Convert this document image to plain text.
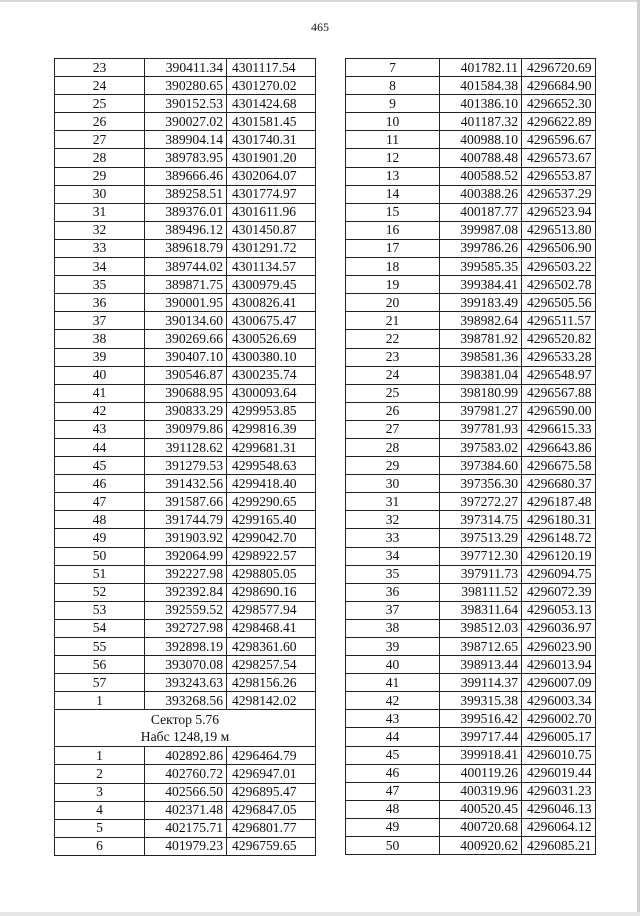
465
23	390411.34	4301117.54
24	390280.65	4301270.02
25	390152.53	4301424.68
26	390027.02	4301581.45
27	389904.14	4301740.31
28	389783.95	4301901.20
29	389666.46	4302064.07
30	389258.51	4301774.97
31	389376.01	4301611.96
32	389496.12	4301450.87
33	389618.79	4301291.72
34	389744.02	4301134.57
35	389871.75	4300979.45
36	390001.95	4300826.41
37	390134.60	4300675.47
38	390269.66	4300526.69
39	390407.10	4300380.10
40	390546.87	4300235.74
41	390688.95	4300093.64
42	390833.29	4299953.85
43	390979.86	4299816.39
44	391128.62	4299681.31
45	391279.53	4299548.63
46	391432.56	4299418.40
47	391587.66	4299290.65
48	391744.79	4299165.40
49	391903.92	4299042.70
50	392064.99	4298922.57
51	392227.98	4298805.05
52	392392.84	4298690.16
53	392559.52	4298577.94
54	392727.98	4298468.41
55	392898.19	4298361.60
56	393070.08	4298257.54
57	393243.63	4298156.26
1	393268.56	4298142.02

Сектор 5.76
Набс 1248,19 м		

1	402892.86	4296464.79
2	402760.72	4296947.01
3	402566.50	4296895.47
4	402371.48	4296847.05
5	402175.71	4296801.77
6	401979.23	4296759.65
7	401782.11	4296720.69
8	401584.38	4296684.90
9	401386.10	4296652.30
10	401187.32	4296622.89
11	400988.10	4296596.67
12	400788.48	4296573.67
13	400588.52	4296553.87
14	400388.26	4296537.29
15	400187.77	4296523.94
16	399987.08	4296513.80
17	399786.26	4296506.90
18	399585.35	4296503.22
19	399384.41	4296502.78
20	399183.49	4296505.56
21	398982.64	4296511.57
22	398781.92	4296520.82
23	398581.36	4296533.28
24	398381.04	4296548.97
25	398180.99	4296567.88
26	397981.27	4296590.00
27	397781.93	4296615.33
28	397583.02	4296643.86
29	397384.60	4296675.58
30	397356.30	4296680.37
31	397272.27	4296187.48
32	397314.75	4296180.31
33	397513.29	4296148.72
34	397712.30	4296120.19
35	397911.73	4296094.75
36	398111.52	4296072.39
37	398311.64	4296053.13
38	398512.03	4296036.97
39	398712.65	4296023.90
40	398913.44	4296013.94
41	399114.37	4296007.09
42	399315.38	4296003.34
43	399516.42	4296002.70
44	399717.44	4296005.17
45	399918.41	4296010.75
46	400119.26	4296019.44
47	400319.96	4296031.23
48	400520.45	4296046.13
49	400720.68	4296064.12
50	400920.62	4296085.21
